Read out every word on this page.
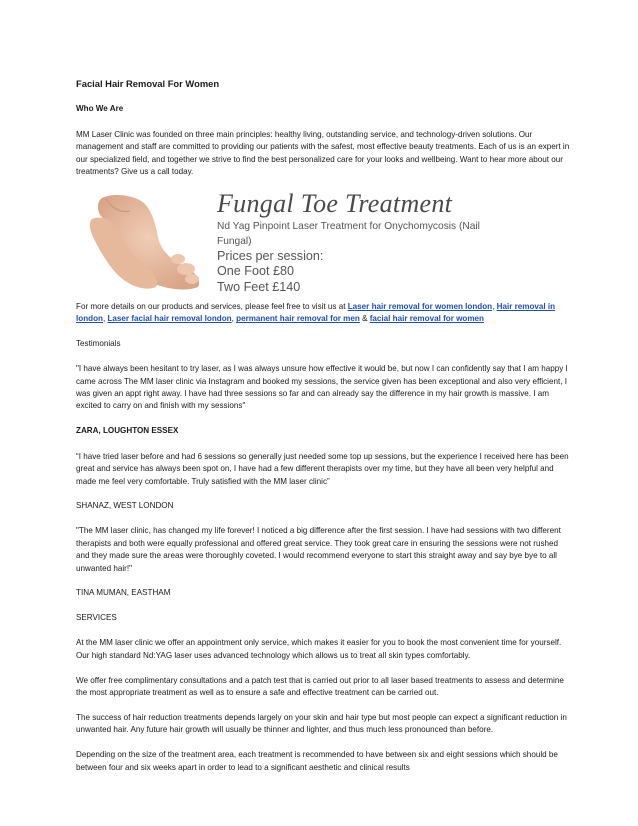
Facial Hair Removal For Women
Who We Are

MM Laser Clinic was founded on three main principles: healthy living, outstanding service, and technology-driven solutions. Our management and staff are committed to providing our patients with the safest, most effective beauty treatments. Each of us is an expert in our specialized field, and together we strive to find the best personalized care for your looks and wellbeing. Want to hear more about our treatments? Give us a call today.

Fungal Toe Treatment
Nd Yag Pinpoint Laser Treatment for Onychomycosis (Nail Fungal)
Prices per session:
One Foot £80
Two Feet £140

For more details on our products and services, please feel free to visit us at Laser hair removal for women london, Hair removal in london, Laser facial hair removal london, permanent hair removal for men & facial hair removal for women

Testimonials

"I have always been hesitant to try laser, as I was always unsure how effective it would be, but now I can confidently say that I am happy I came across The MM laser clinic via Instagram and booked my sessions, the service given has been exceptional and also very efficient, I was given an appt right away. I have had three sessions so far and can already say the difference in my hair growth is massive. I am excited to carry on and finish with my sessions"

ZARA, LOUGHTON ESSEX

“I have tried laser before and had 6 sessions so generally just needed some top up sessions, but the experience I received here has been great and service has always been spot on, I have had a few different therapists over my time, but they have all been very helpful and made me feel very comfortable. Truly satisfied with the MM laser clinic”

SHANAZ, WEST LONDON

"The MM laser clinic, has changed my life forever! I noticed a big difference after the first session. I have had sessions with two different therapists and both were equally professional and offered great service. They took great care in ensuring the sessions were not rushed and they made sure the areas were thoroughly coveted. I would recommend everyone to start this straight away and say bye bye to all unwanted hair!"

TINA MUMAN, EASTHAM

SERVICES

At the MM laser clinic we offer an appointment only service, which makes it easier for you to book the most convenient time for yourself. Our high standard Nd:YAG laser uses advanced technology which allows us to treat all skin types comfortably.

We offer free complimentary consultations and a patch test that is carried out prior to all laser based treatments to assess and determine the most appropriate treatment as well as to ensure a safe and effective treatment can be carried out.

The success of hair reduction treatments depends largely on your skin and hair type but most people can expect a significant reduction in unwanted hair. Any future hair growth will usually be thinner and lighter, and thus much less pronounced than before.

Depending on the size of the treatment area, each treatment is recommended to have between six and eight sessions which should be between four and six weeks apart in order to lead to a significant aesthetic and clinical results
